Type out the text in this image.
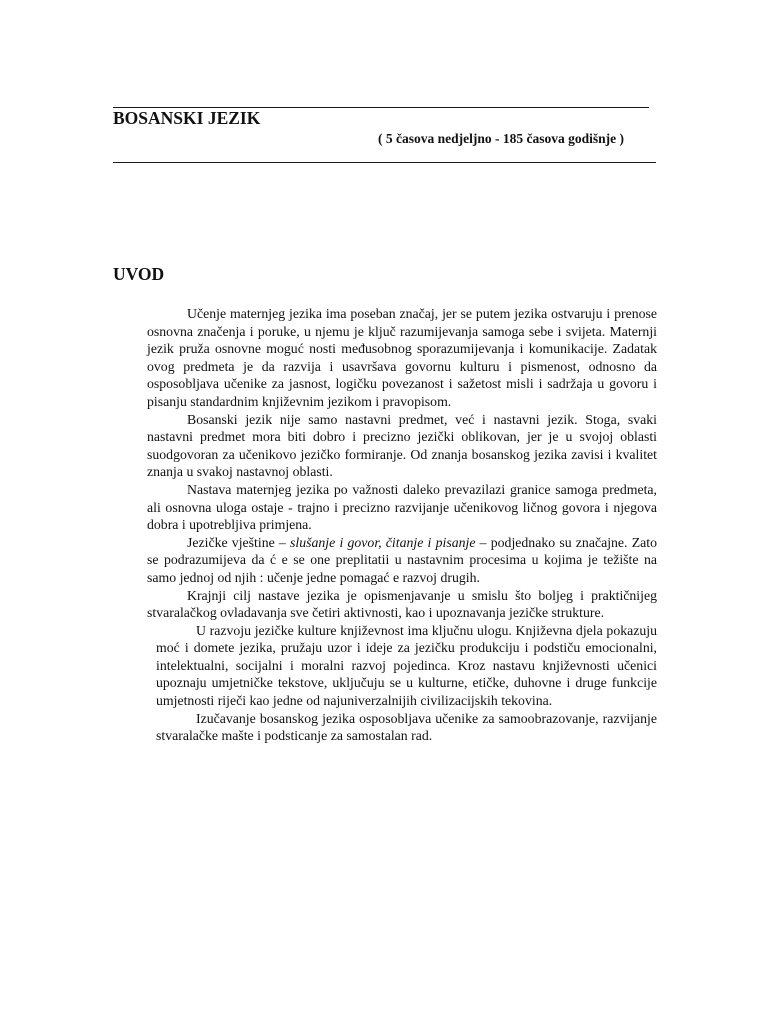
BOSANSKI JEZIK
( 5 časova nedjeljno - 185 časova godišnje )
UVOD

Učenje maternjeg jezika ima poseban značaj, jer se putem jezika ostvaruju i prenose osnovna značenja i poruke, u njemu je ključ razumijevanja samoga sebe i svijeta. Maternji jezik pruža osnovne moguć nosti međusobnog sporazumijevanja i komunikacije. Zadatak ovog predmeta je da razvija i usavršava govornu kulturu i pismenost, odnosno da osposobljava učenike za jasnost, logičku povezanost i sažetost misli i sadržaja u govoru i pisanju standardnim književnim jezikom i pravopisom.

Bosanski jezik nije samo nastavni predmet, već i nastavni jezik. Stoga, svaki nastavni predmet mora biti dobro i precizno jezički oblikovan, jer je u svojoj oblasti suodgovoran za učenikovo jezičko formiranje. Od znanja bosanskog jezika zavisi i kvalitet znanja u svakoj nastavnoj oblasti.

Nastava maternjeg jezika po važnosti daleko prevazilazi granice samoga predmeta, ali osnovna uloga ostaje - trajno i precizno razvijanje učenikovog ličnog govora i njegova dobra i upotrebljiva primjena.

Jezičke vještine – slušanje i govor, čitanje i pisanje – podjednako su značajne. Zato se podrazumijeva da ć e se one preplitatii u nastavnim procesima u kojima je težište na samo jednoj od njih : učenje jedne pomagać e razvoj drugih.

Krajnji cilj nastave jezika je opismenjavanje u smislu što boljeg i praktičnijeg stvaralačkog ovladavanja sve četiri aktivnosti, kao i upoznavanja jezičke strukture.

U razvoju jezičke kulture književnost ima ključnu ulogu. Književna djela pokazuju moć i domete jezika, pružaju uzor i ideje za jezičku produkciju i podstiču emocionalni, intelektualni, socijalni i moralni razvoj pojedinca. Kroz nastavu književnosti učenici upoznaju umjetničke tekstove, uključuju se u kulturne, etičke, duhovne i druge funkcije umjetnosti riječi kao jedne od najuniverzalnijih civilizacijskih tekovina.

Izučavanje bosanskog jezika osposobljava učenike za samoobrazovanje, razvijanje stvaralačke mašte i podsticanje za samostalan rad.
